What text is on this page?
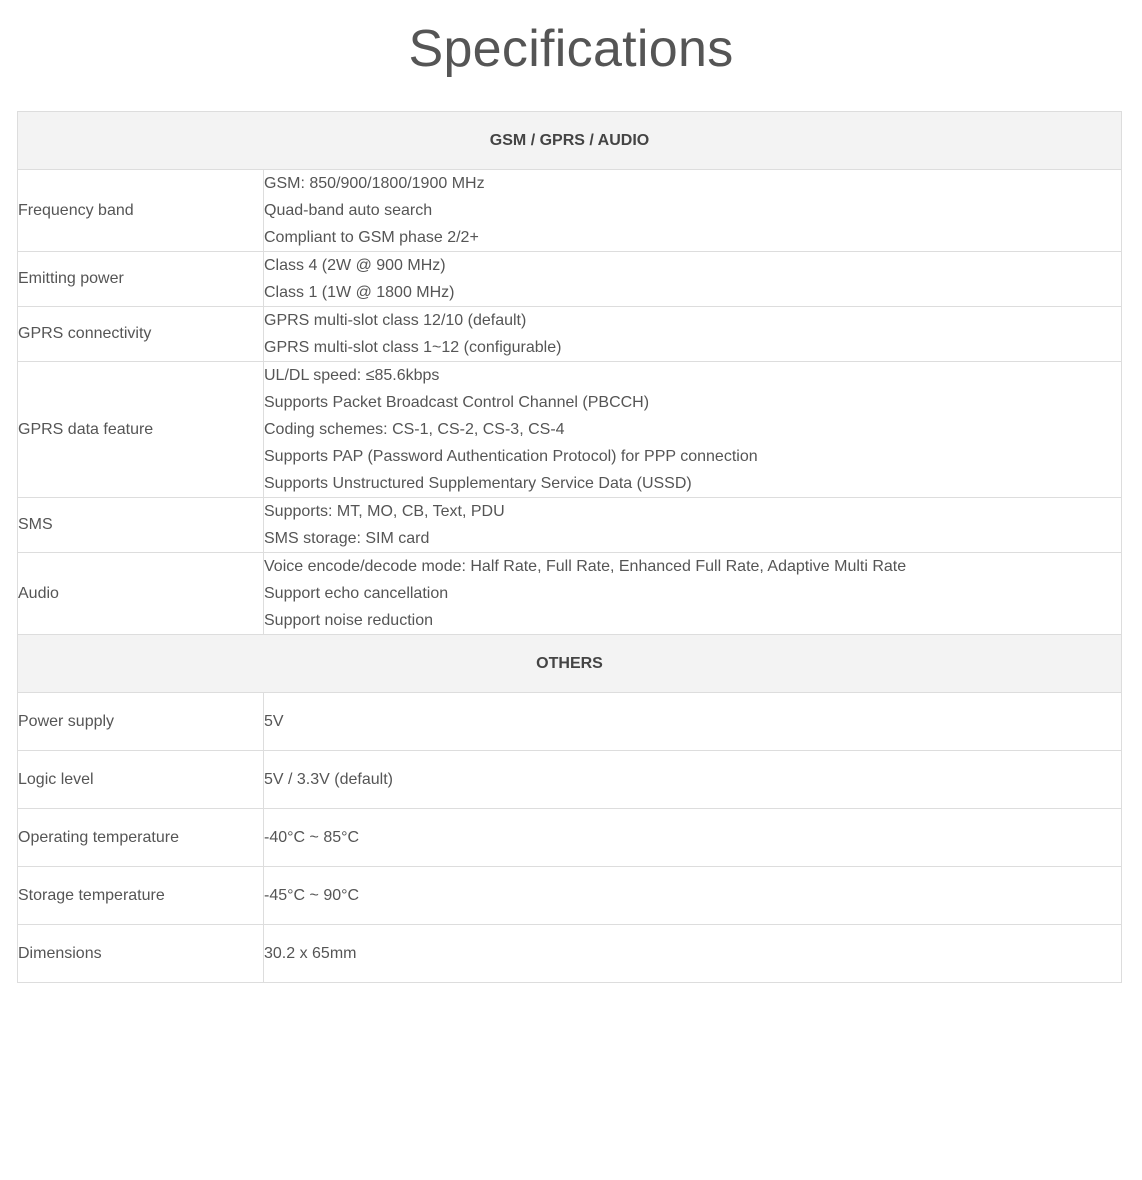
Specifications
GSM / GPRS / AUDIO	
Frequency band	GSM: 850/900/1800/1900 MHz
Quad-band auto search
Compliant to GSM phase 2/2+

Emitting power	Class 4 (2W @ 900 MHz)
Class 1 (1W @ 1800 MHz)

GPRS connectivity	GPRS multi-slot class 12/10 (default)
GPRS multi-slot class 1~12 (configurable)

GPRS data feature	UL/DL speed: ≤85.6kbps
Supports Packet Broadcast Control Channel (PBCCH)
Coding schemes: CS-1, CS-2, CS-3, CS-4
Supports PAP (Password Authentication Protocol) for PPP connection
Supports Unstructured Supplementary Service Data (USSD)

SMS	Supports: MT, MO, CB, Text, PDU
SMS storage: SIM card

Audio	Voice encode/decode mode: Half Rate, Full Rate, Enhanced Full Rate, Adaptive Multi Rate
Support echo cancellation
Support noise reduction

OTHERS	
Power supply	5V
Logic level	5V / 3.3V (default)
Operating temperature	-40°C ~ 85°C
Storage temperature	-45°C ~ 90°C
Dimensions	30.2 x 65mm
